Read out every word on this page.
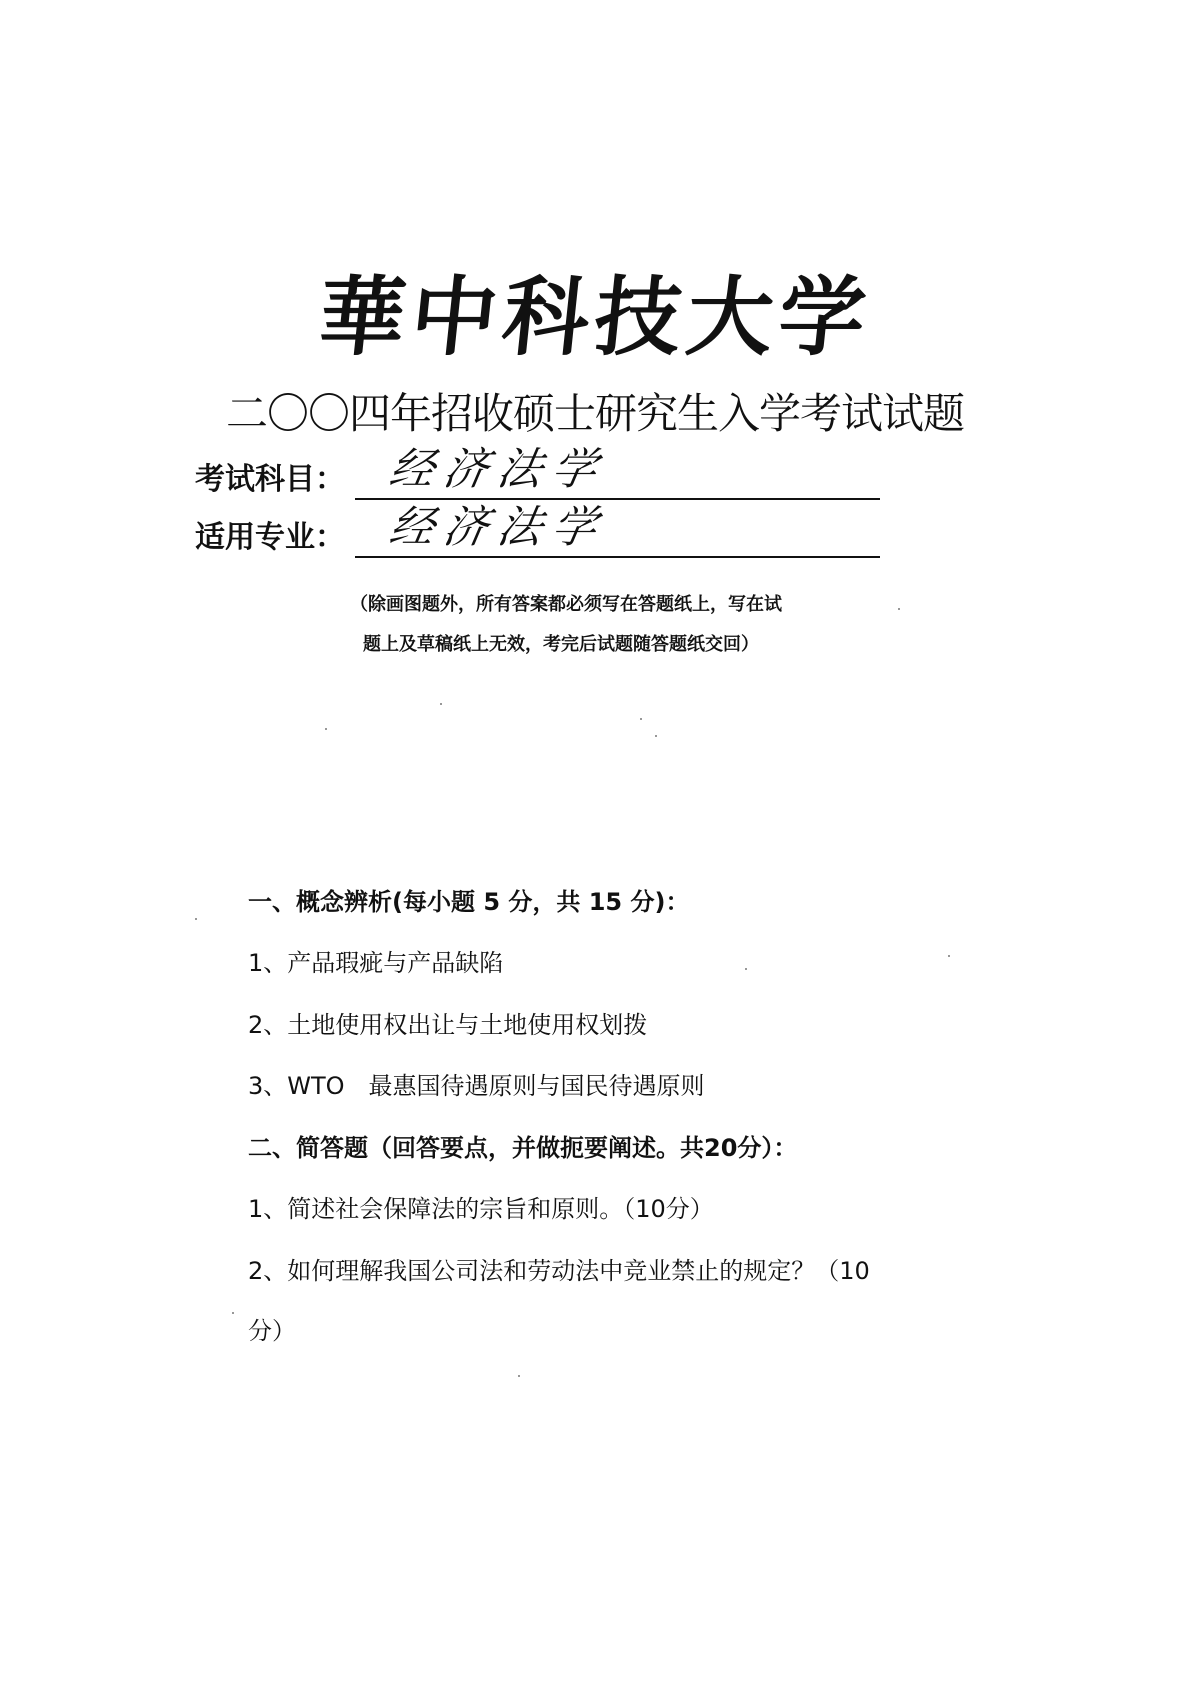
華中科技大学
二〇〇四年招收硕士研究生入学考试试题
考试科目： 经济法学
适用专业： 经济法学
（除画图题外，所有答案都必须写在答题纸上，写在试
题上及草稿纸上无效，考完后试题随答题纸交回）
一、概念辨析(每小题 5 分，共 15 分)：
1、产品瑕疵与产品缺陷
2、土地使用权出让与土地使用权划拨
3、WTO　最惠国待遇原则与国民待遇原则
二、简答题（回答要点，并做扼要阐述。共20分）：
1、简述社会保障法的宗旨和原则。（10分）
2、如何理解我国公司法和劳动法中竞业禁止的规定？（10
分）
